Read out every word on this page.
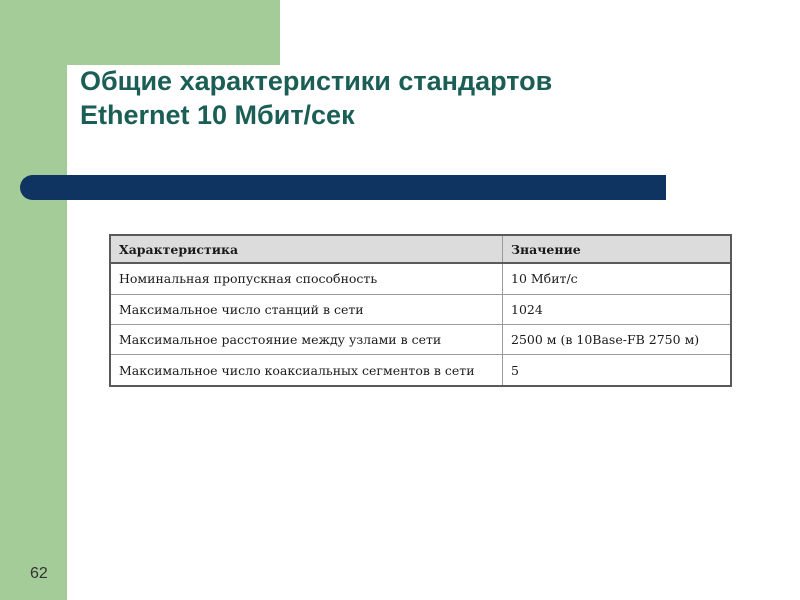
Общие характеристики стандартов
Ethernet 10 Мбит/сек
Характеристика	Значение
Номинальная пропускная способность	10 Мбит/с
Максимальное число станций в сети	1024
Максимальное расстояние между узлами в сети	2500 м (в 10Base-FB 2750 м)
Максимальное число коаксиальных сегментов в сети	5
62
